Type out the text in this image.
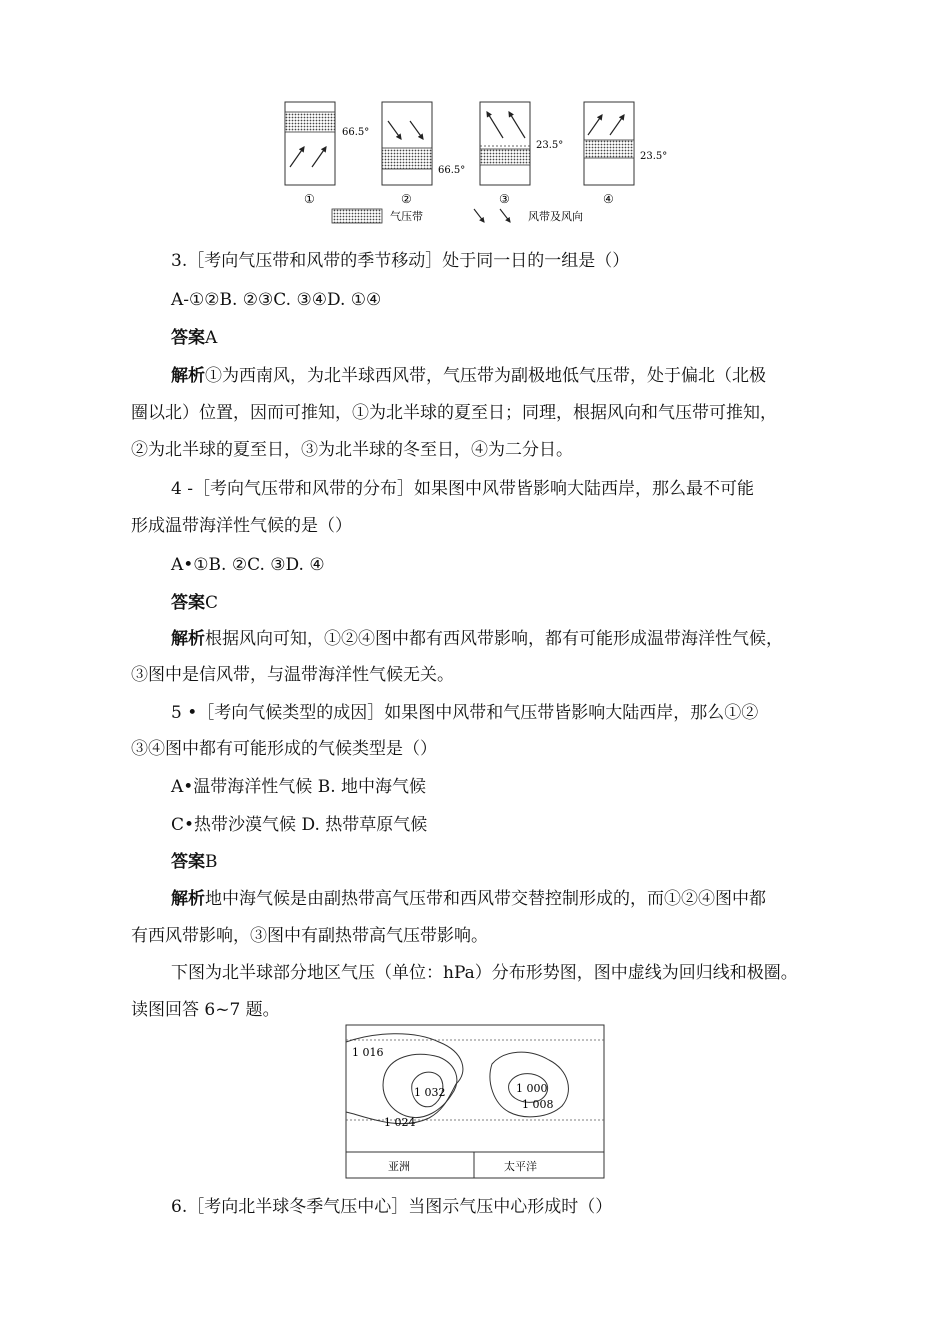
66.5°
①
66.5°
②
23.5°
③
23.5°
④
气压带	风带及风向
3.［考向气压带和风带的季节移动］处于同一日的一组是（）
A-①②B. ②③C. ③④D. ①④
答案A
解析①为西南风，为北半球西风带，气压带为副极地低气压带，处于偏北（北极
圈以北）位置，因而可推知，①为北半球的夏至日；同理，根据风向和气压带可推知，
②为北半球的夏至日，③为北半球的冬至日，④为二分日。
4 -［考向气压带和风带的分布］如果图中风带皆影响大陆西岸，那么最不可能
形成温带海洋性气候的是（）
A•①B. ②C. ③D. ④
答案C
解析根据风向可知，①②④图中都有西风带影响，都有可能形成温带海洋性气候，
③图中是信风带，与温带海洋性气候无关。
5 •［考向气候类型的成因］如果图中风带和气压带皆影响大陆西岸，那么①②
③④图中都有可能形成的气候类型是（）
A•温带海洋性气候 B. 地中海气候
C•热带沙漠气候 D. 热带草原气候
答案B
解析地中海气候是由副热带高气压带和西风带交替控制形成的，而①②④图中都
有西风带影响，③图中有副热带高气压带影响。
下图为北半球部分地区气压（单位：hPa）分布形势图，图中虚线为回归线和极圈。
读图回答 6~7 题。
1 016
1 032
1 024
1 000
1 008
亚洲	太平洋
6.［考向北半球冬季气压中心］当图示气压中心形成时（）
